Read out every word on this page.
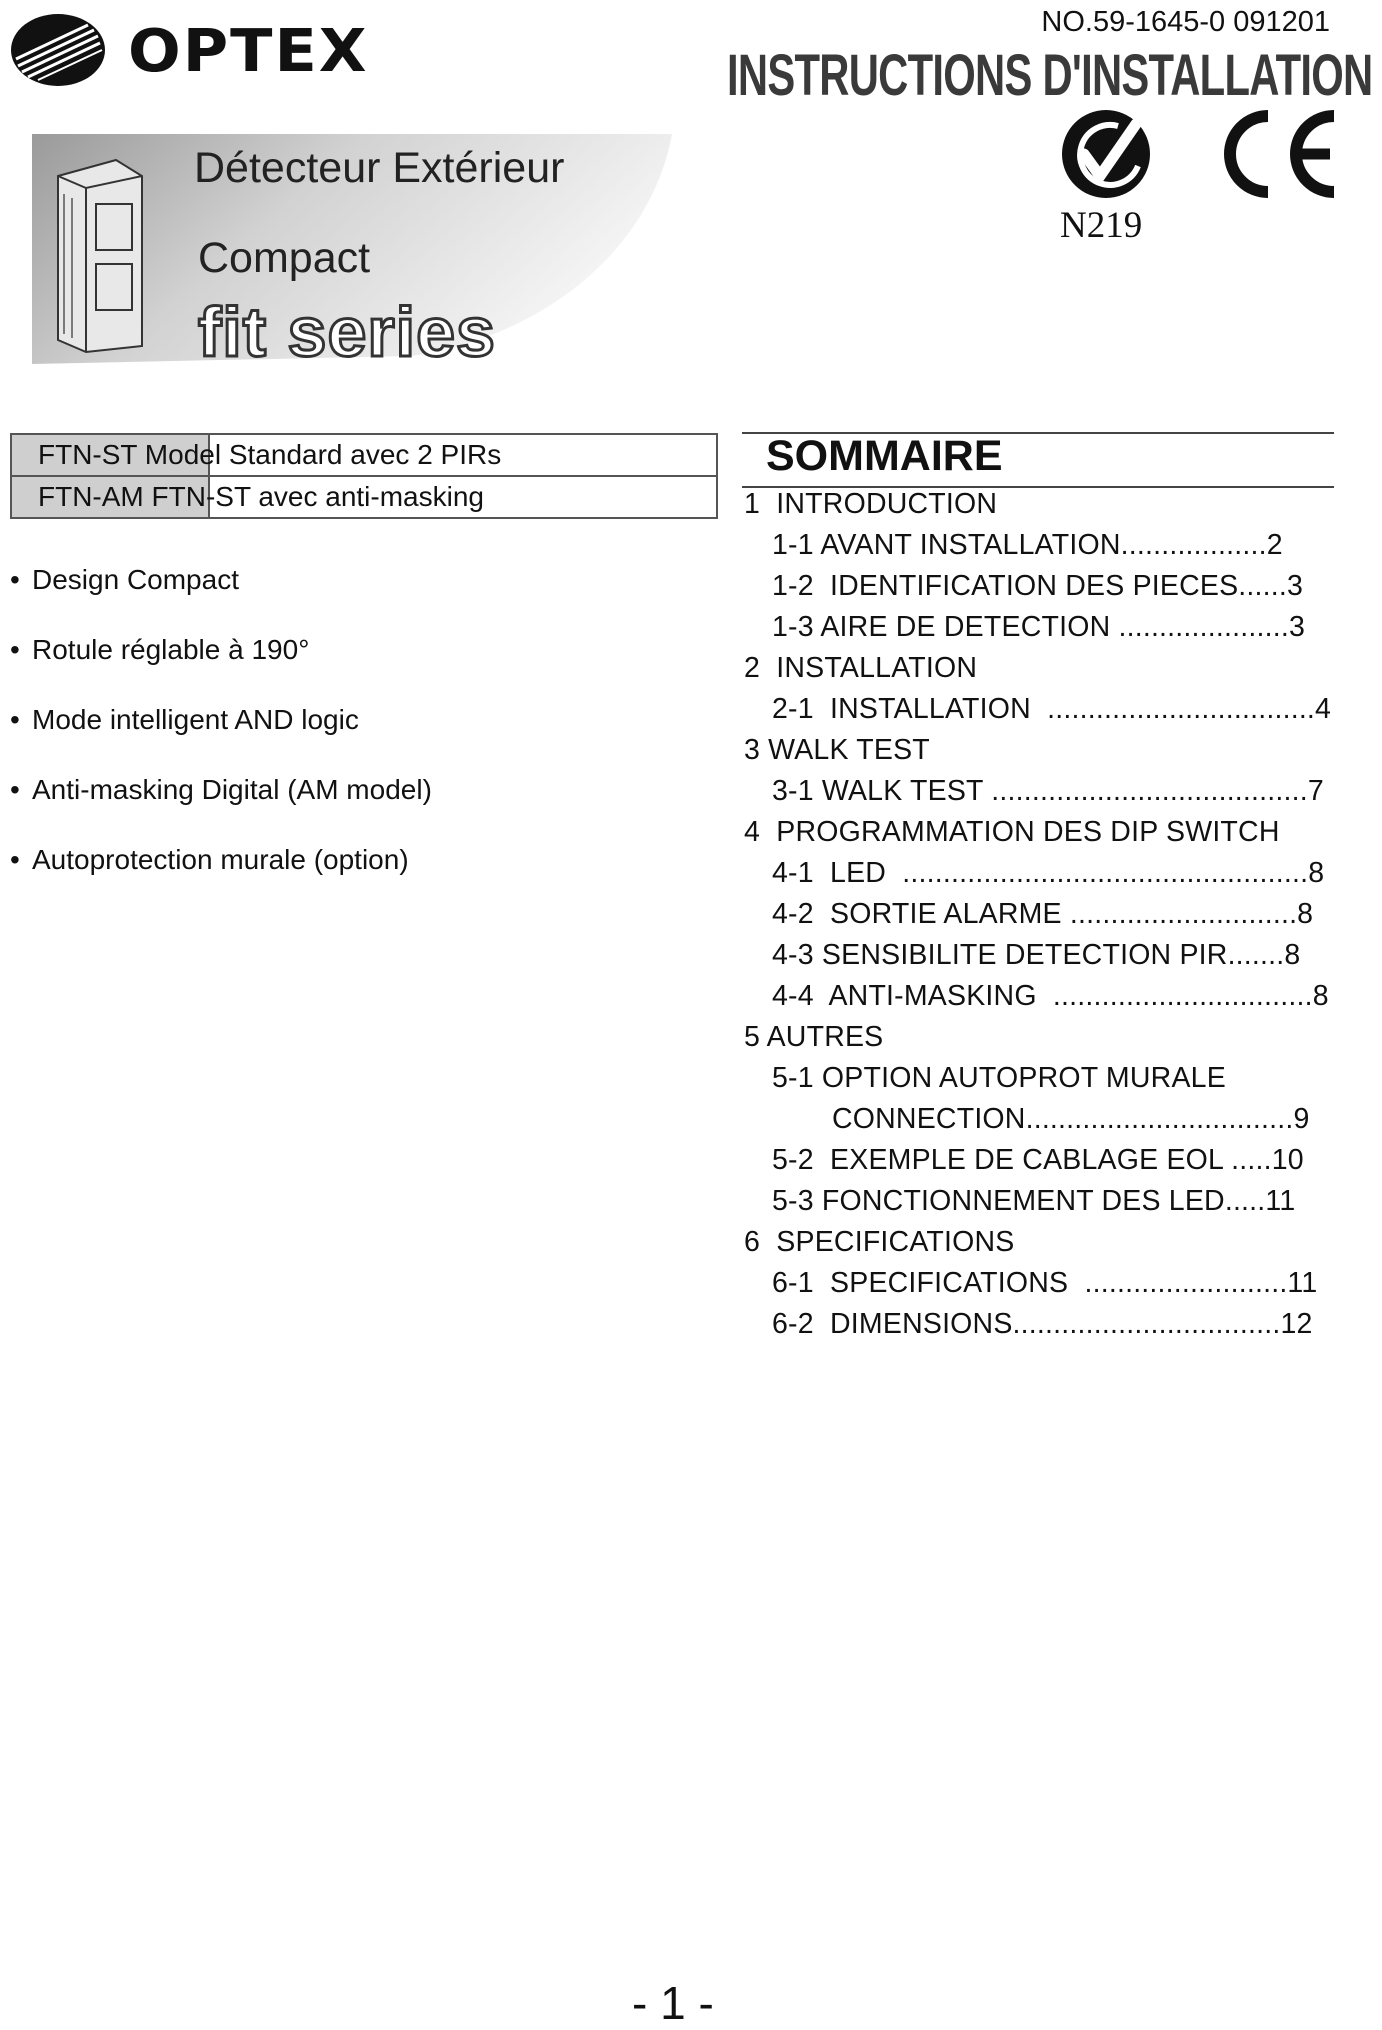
OPTEX	NO.59-1645-0 091201
INSTRUCTIONS D'INSTALLATION
N219
Détecteur Extérieur
Compact
fit series
FTN-ST Model Standard avec 2 PIRs
FTN-AM FTN-ST avec anti-masking
• Design Compact
• Rotule réglable à 190°
• Mode intelligent AND logic
• Anti-masking Digital (AM model)
• Autoprotection murale (option)
SOMMAIRE
1  INTRODUCTION
1-1 AVANT INSTALLATION..................2
1-2  IDENTIFICATION DES PIECES......3
1-3 AIRE DE DETECTION .....................3
2  INSTALLATION
2-1  INSTALLATION  .................................4
3 WALK TEST
3-1 WALK TEST .......................................7
4  PROGRAMMATION DES DIP SWITCH
4-1  LED  ..................................................8
4-2  SORTIE ALARME ............................8
4-3 SENSIBILITE DETECTION PIR.......8
4-4  ANTI-MASKING  ................................8
5 AUTRES
5-1 OPTION AUTOPROT MURALE
CONNECTION.................................9
5-2  EXEMPLE DE CABLAGE EOL .....10
5-3 FONCTIONNEMENT DES LED.....11
6  SPECIFICATIONS
6-1  SPECIFICATIONS  .........................11
6-2  DIMENSIONS.................................12
- 1 -
